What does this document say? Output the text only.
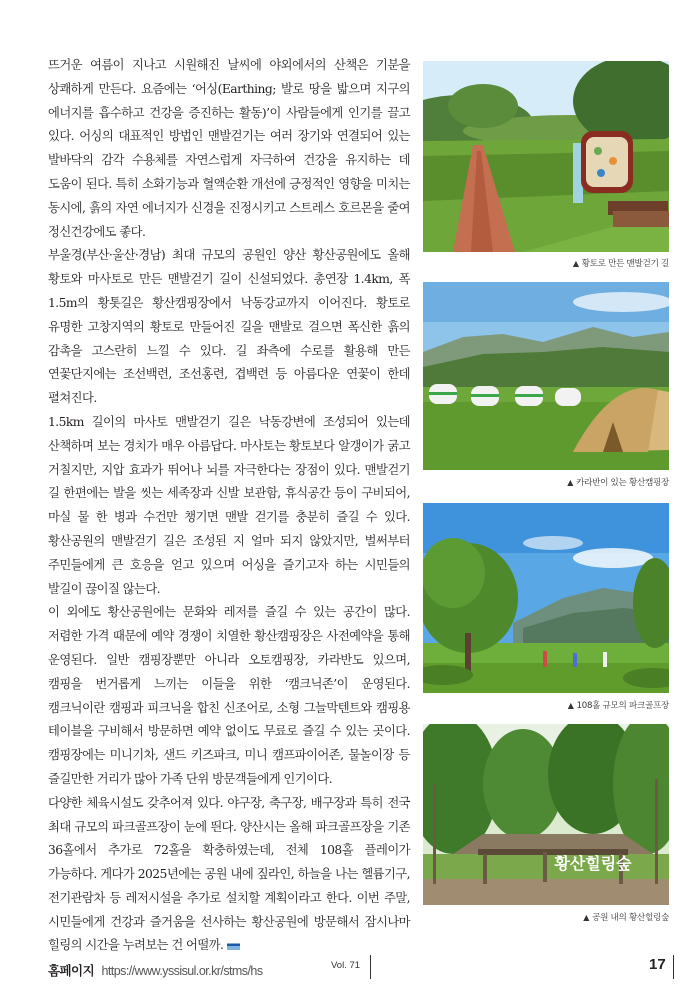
뜨거운 여름이 지나고 시원해진 날씨에 야외에서의 산책은 기분을 상쾌하게 만든다. 요즘에는 ‘어싱(Earthing; 발로 땅을 밟으며 지구의 에너지를 흡수하고 건강을 증진하는 활동)’이 사람들에게 인기를 끌고 있다. 어싱의 대표적인 방법인 맨발걷기는 여러 장기와 연결되어 있는 발바닥의 감각 수용체를 자연스럽게 자극하여 건강을 유지하는 데 도움이 된다. 특히 소화기능과 혈액순환 개선에 긍정적인 영향을 미치는 동시에, 흙의 자연 에너지가 신경을 진정시키고 스트레스 호르몬을 줄여 정신건강에도 좋다.

부울경(부산·울산·경남) 최대 규모의 공원인 양산 황산공원에도 올해 황토와 마사토로 만든 맨발걷기 길이 신설되었다. 총연장 1.4km, 폭 1.5m의 황톳길은 황산캠핑장에서 낙동강교까지 이어진다. 황토로 유명한 고창지역의 황토로 만들어진 길을 맨발로 걸으면 폭신한 흙의 감촉을 고스란히 느낄 수 있다. 길 좌측에 수로를 활용해 만든 연꽃단지에는 조선백련, 조선홍련, 겹백련 등 아름다운 연꽃이 한데 펼쳐진다.

1.5km 길이의 마사토 맨발걷기 길은 낙동강변에 조성되어 있는데 산책하며 보는 경치가 매우 아름답다. 마사토는 황토보다 알갱이가 굵고 거칠지만, 지압 효과가 뛰어나 뇌를 자극한다는 장점이 있다. 맨발걷기 길 한편에는 발을 씻는 세족장과 신발 보관함, 휴식공간 등이 구비되어, 마실 물 한 병과 수건만 챙기면 맨발 걷기를 충분히 즐길 수 있다. 황산공원의 맨발걷기 길은 조성된 지 얼마 되지 않았지만, 벌써부터 주민들에게 큰 호응을 얻고 있으며 어싱을 즐기고자 하는 시민들의 발길이 끊이질 않는다.

이 외에도 황산공원에는 문화와 레저를 즐길 수 있는 공간이 많다. 저렴한 가격 때문에 예약 경쟁이 치열한 황산캠핑장은 사전예약을 통해 운영된다. 일반 캠핑장뿐만 아니라 오토캠핑장, 카라반도 있으며, 캠핑을 번거롭게 느끼는 이들을 위한 ‘캠크닉존’이 운영된다. 캠크닉이란 캠핑과 피크닉을 합친 신조어로, 소형 그늘막텐트와 캠핑용 테이블을 구비해서 방문하면 예약 없이도 무료로 즐길 수 있는 곳이다. 캠핑장에는 미니기차, 샌드 키즈파크, 미니 캠프파이어존, 물놀이장 등 즐길만한 거리가 많아 가족 단위 방문객들에게 인기이다.

다양한 체육시설도 갖추어져 있다. 야구장, 축구장, 배구장과 특히 전국 최대 규모의 파크골프장이 눈에 띈다. 양산시는 올해 파크골프장을 기존 36홀에서 추가로 72홀을 확충하였는데, 전체 108홀 플레이가 가능하다. 게다가 2025년에는 공원 내에 짚라인, 하늘을 나는 헬륨기구, 전기관람차 등 레저시설을 추가로 설치할 계획이라고 한다. 이번 주말, 시민들에게 건강과 즐거움을 선사하는 황산공원에 방문해서 잠시나마 힐링의 시간을 누려보는 건 어떨까.

홈페이지 https://www.yssisul.or.kr/stms/hs

▲ 황토로 만든 맨발걷기 길
▲ 카라반이 있는 황산캠핑장
▲ 108홀 규모의 파크골프장
황산힐링숲
▲ 공원 내의 황산힐링숲
Vol. 71	17
